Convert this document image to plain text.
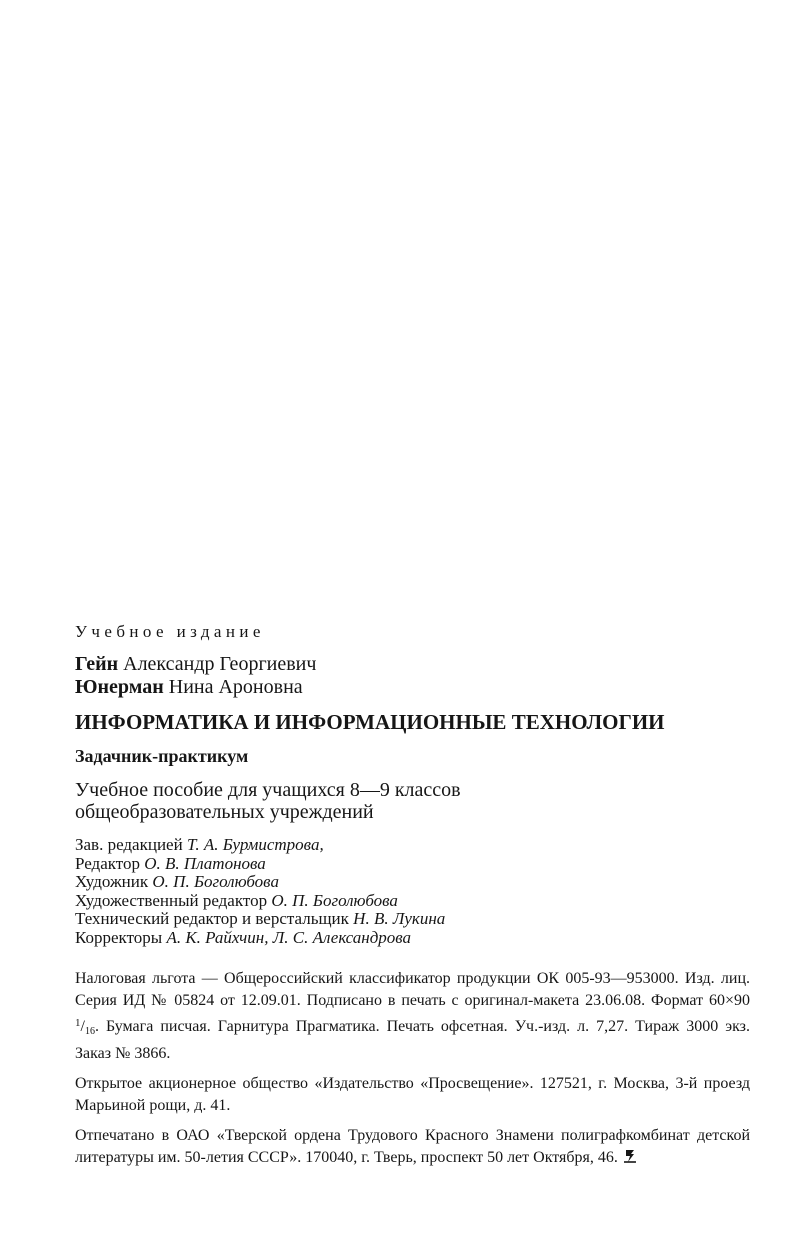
Учебное издание
Гейн Александр Георгиевич
Юнерман Нина Ароновна
ИНФОРМАТИКА И ИНФОРМАЦИОННЫЕ ТЕХНОЛОГИИ
Задачник-практикум
Учебное пособие для учащихся 8—9 классов
общеобразовательных учреждений
Зав. редакцией Т. А. Бурмистрова,
Редактор О. В. Платонова
Художник О. П. Боголюбова
Художественный редактор О. П. Боголюбова
Технический редактор и верстальщик Н. В. Лукина
Корректоры А. К. Райхчин, Л. С. Александрова
Налоговая льгота — Общероссийский классификатор продукции ОК 005-93—953000. Изд. лиц. Серия ИД № 05824 от 12.09.01. Подписано в печать с оригинал-макета 23.06.08. Формат 60×90 $^1$/16. Бумага писчая. Гарнитура Прагматика. Печать офсетная. Уч.-изд. л. 7,27. Тираж 3000 экз. Заказ № 3866.
Открытое акционерное общество «Издательство «Просвещение». 127521, г. Москва, 3-й проезд Марьиной рощи, д. 41.
Отпечатано в ОАО «Тверской ордена Трудового Красного Знамени полиграфкомбинат детской литературы им. 50-летия СССР». 170040, г. Тверь, проспект 50 лет Октября, 46.
